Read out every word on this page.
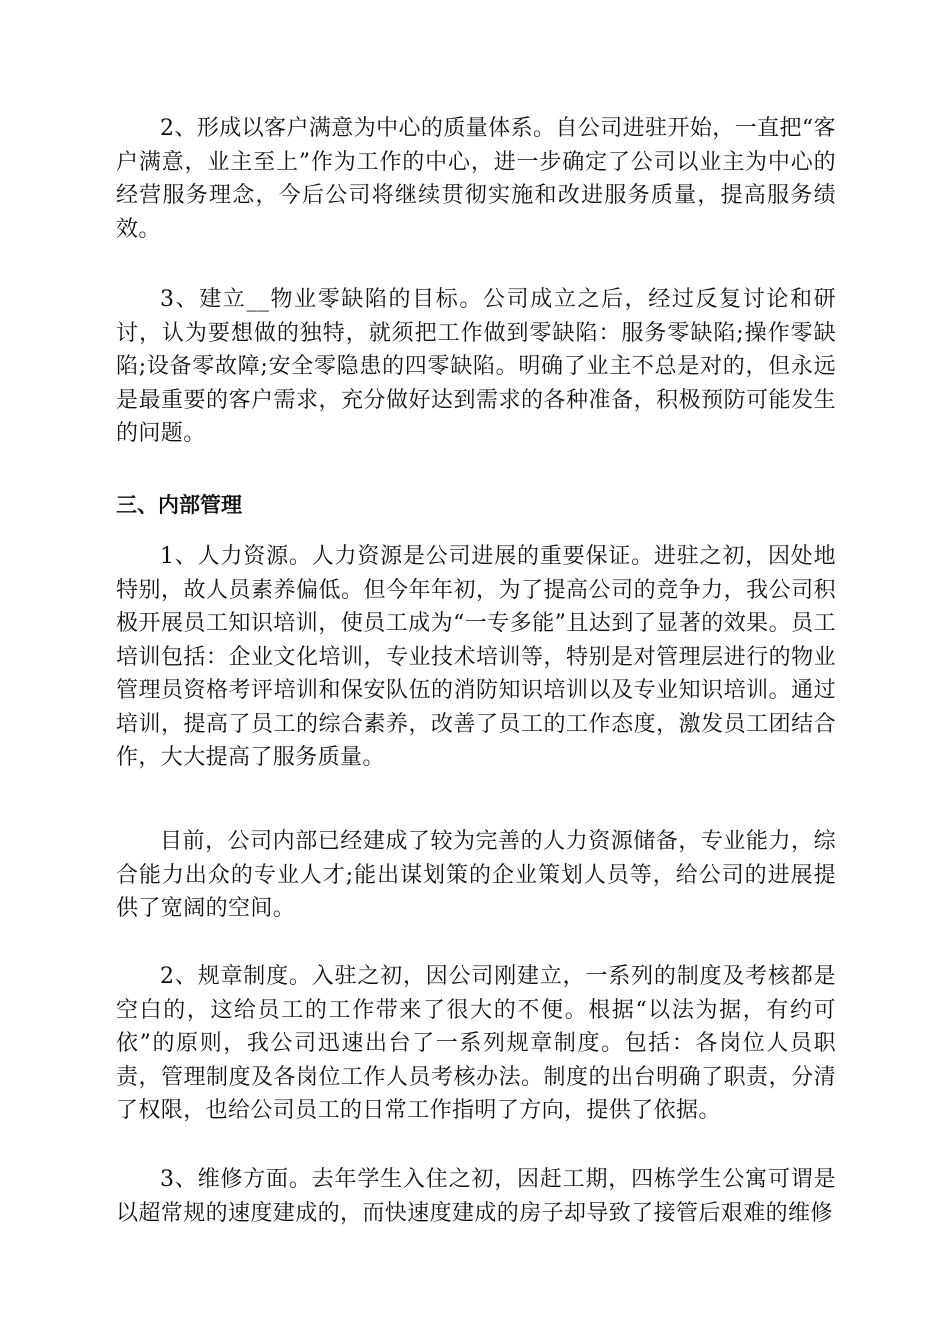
2、形成以客户满意为中心的质量体系。自公司进驻开始，一直把“客户满意，业主至上”作为工作的中心，进一步确定了公司以业主为中心的经营服务理念，今后公司将继续贯彻实施和改进服务质量，提高服务绩效。

3、建立__物业零缺陷的目标。公司成立之后，经过反复讨论和研讨，认为要想做的独特，就须把工作做到零缺陷：服务零缺陷;操作零缺陷;设备零故障;安全零隐患的四零缺陷。明确了业主不总是对的，但永远是最重要的客户需求，充分做好达到需求的各种准备，积极预防可能发生的问题。

三、内部管理

1、人力资源。人力资源是公司进展的重要保证。进驻之初，因处地特别，故人员素养偏低。但今年年初，为了提高公司的竞争力，我公司积极开展员工知识培训，使员工成为“一专多能”且达到了显著的效果。员工培训包括：企业文化培训，专业技术培训等，特别是对管理层进行的物业管理员资格考评培训和保安队伍的消防知识培训以及专业知识培训。通过培训，提高了员工的综合素养，改善了员工的工作态度，激发员工团结合作，大大提高了服务质量。

目前，公司内部已经建成了较为完善的人力资源储备，专业能力，综合能力出众的专业人才;能出谋划策的企业策划人员等，给公司的进展提供了宽阔的空间。

2、规章制度。入驻之初，因公司刚建立，一系列的制度及考核都是空白的，这给员工的工作带来了很大的不便。根据“以法为据，有约可依”的原则，我公司迅速出台了一系列规章制度。包括：各岗位人员职责，管理制度及各岗位工作人员考核办法。制度的出台明确了职责，分清了权限，也给公司员工的日常工作指明了方向，提供了依据。

3、维修方面。去年学生入住之初，因赶工期，四栋学生公寓可谓是以超常规的速度建成的，而快速度建成的房子却导致了接管后艰难的维修
